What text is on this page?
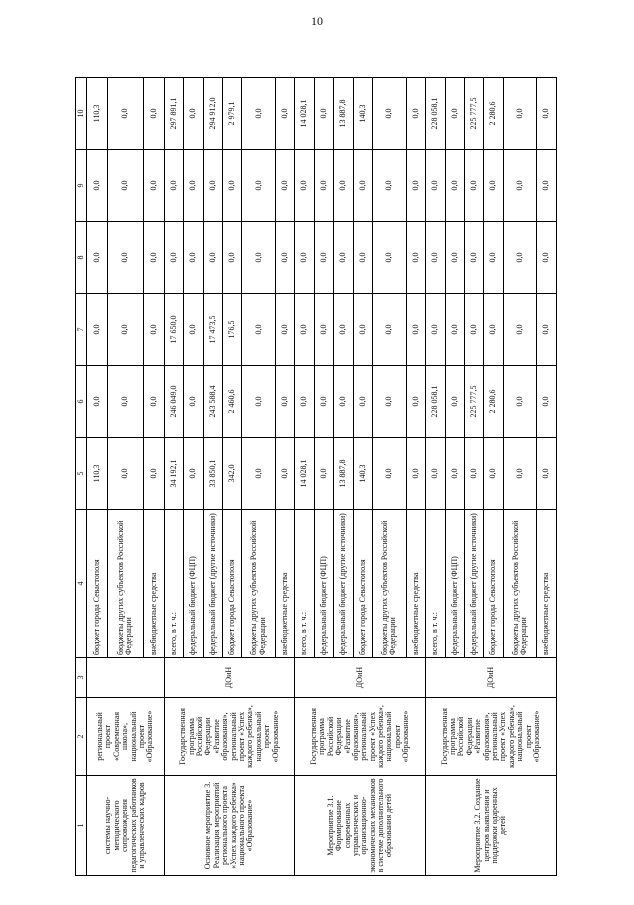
10
1	2	3	4	5	6	7	8	9	10
системы научно-методического сопровождения педагогических работников и управленческих кадров	региональный проект «Современная школа», национальный проект «Образование»		бюджет города Севастополя	110,3	0,0	0,0	0,0	0,0	110,3
			бюджеты других субъектов Российской Федерации	0,0	0,0	0,0	0,0	0,0	0,0
			внебюджетные средства	0,0	0,0	0,0	0,0	0,0	0,0
Основное мероприятие 3. Реализация мероприятий регионального проекта «Успех каждого ребенка» национального проекта «Образование»	Государственная программа Российской Федерации «Развитие образования», региональный проект «Успех каждого ребенка», национальный проект «Образование»	ДОиН	всего, в т. ч.:	34 192,1	246 049,0	17 650,0	0,0	0,0	297 891,1
			федеральный бюджет (ФЦП)	0,0	0,0	0,0	0,0	0,0	0,0
			федеральный бюджет (другие источники)	33 850,1	243 588,4	17 473,5	0,0	0,0	294 912,0
			бюджет города Севастополя	342,0	2 460,6	176,5	0,0	0,0	2 979,1
			бюджеты других субъектов Российской Федерации	0,0	0,0	0,0	0,0	0,0	0,0
			внебюджетные средства	0,0	0,0	0,0	0,0	0,0	0,0
Мероприятие 3.1. Формирование современных управленческих и организационно-экономических механизмов в системе дополнительного образования детей	Государственная программа Российской Федерации «Развитие образования», региональный проект «Успех каждого ребенка», национальный проект «Образование»	ДОиН	всего, в т. ч.:	14 028,1	0,0	0,0	0,0	0,0	14 028,1
			федеральный бюджет (ФЦП)	0,0	0,0	0,0	0,0	0,0	0,0
			федеральный бюджет (другие источники)	13 887,8	0,0	0,0	0,0	0,0	13 887,8
			бюджет города Севастополя	140,3	0,0	0,0	0,0	0,0	140,3
			бюджеты других субъектов Российской Федерации	0,0	0,0	0,0	0,0	0,0	0,0
			внебюджетные средства	0,0	0,0	0,0	0,0	0,0	0,0
Мероприятие 3.2. Создание центров выявления и поддержки одаренных детей	Государственная программа Российской Федерации «Развитие образования», региональный проект «Успех каждого ребенка», национальный проект «Образование»	ДОиН	всего, в т. ч.:	0,0	228 058,1	0,0	0,0	0,0	228 058,1
			федеральный бюджет (ФЦП)	0,0	0,0	0,0	0,0	0,0	0,0
			федеральный бюджет (другие источники)	0,0	225 777,5	0,0	0,0	0,0	225 777,5
			бюджет города Севастополя	0,0	2 280,6	0,0	0,0	0,0	2 280,6
			бюджеты других субъектов Российской Федерации	0,0	0,0	0,0	0,0	0,0	0,0
			внебюджетные средства	0,0	0,0	0,0	0,0	0,0	0,0
